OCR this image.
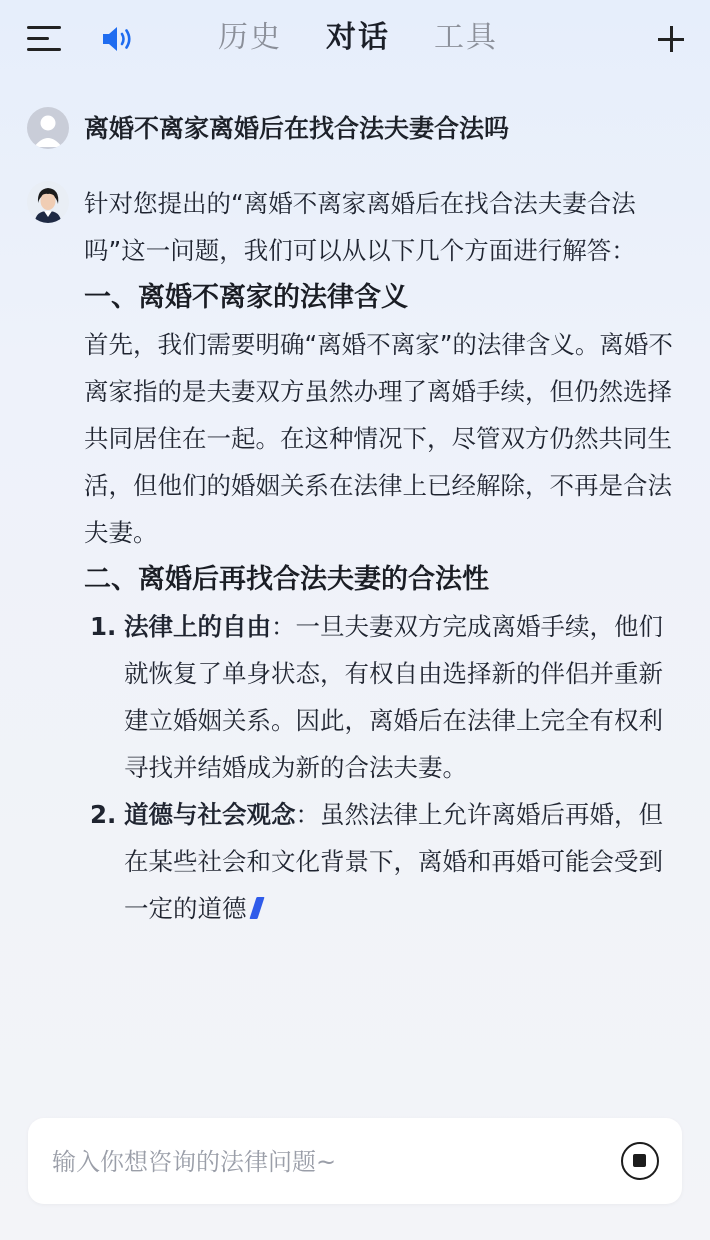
历史 对话 工具
离婚不离家离婚后在找合法夫妻合法吗

针对您提出的“离婚不离家离婚后在找合法夫妻合法吗”这一问题，我们可以从以下几个方面进行解答：

一、离婚不离家的法律含义

首先，我们需要明确“离婚不离家”的法律含义。离婚不离家指的是夫妻双方虽然办理了离婚手续，但仍然选择共同居住在一起。在这种情况下，尽管双方仍然共同生活，但他们的婚姻关系在法律上已经解除，不再是合法夫妻。

二、离婚后再找合法夫妻的合法性
1. 法律上的自由：一旦夫妻双方完成离婚手续，他们就恢复了单身状态，有权自由选择新的伴侣并重新建立婚姻关系。因此，离婚后在法律上完全有权利寻找并结婚成为新的合法夫妻。
2. 道德与社会观念：虽然法律上允许离婚后再婚，但在某些社会和文化背景下，离婚和再婚可能会受到一定的道德
输入你想咨询的法律问题~
